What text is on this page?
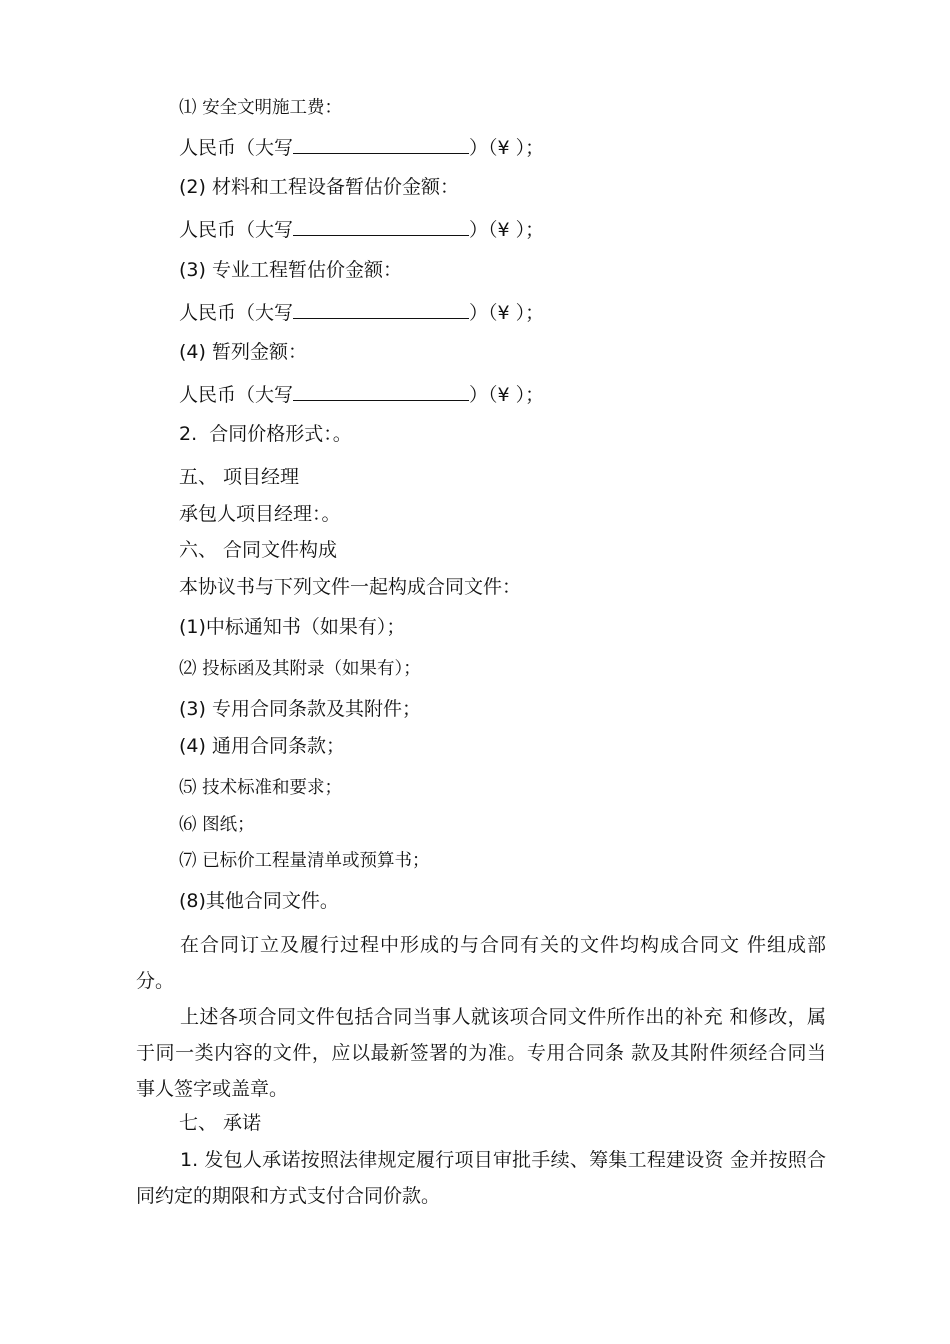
⑴ 安全文明施工费：

人民币（大写	）（¥ ）；

(2) 材料和工程设备暂估价金额：

人民币（大写	）（¥ ）；

(3) 专业工程暂估价金额：

人民币（大写	）（¥ ）；

(4) 暂列金额：

人民币（大写	）（¥ ）；

2.  合同价格形式：。

五、 项目经理

承包人项目经理：。

六、 合同文件构成

本协议书与下列文件一起构成合同文件：

(1)中标通知书（如果有）；

⑵ 投标函及其附录（如果有）；

(3) 专用合同条款及其附件；

(4) 通用合同条款；

⑸ 技术标准和要求；

⑹ 图纸；

⑺ 已标价工程量清单或预算书；

(8)其他合同文件。

在合同订立及履行过程中形成的与合同有关的文件均构成合同文 件组成部分。

上述各项合同文件包括合同当事人就该项合同文件所作出的补充 和修改，属于同一类内容的文件，应以最新签署的为准。专用合同条 款及其附件须经合同当事人签字或盖章。

七、 承诺

1. 发包人承诺按照法律规定履行项目审批手续、筹集工程建设资 金并按照合同约定的期限和方式支付合同价款。
